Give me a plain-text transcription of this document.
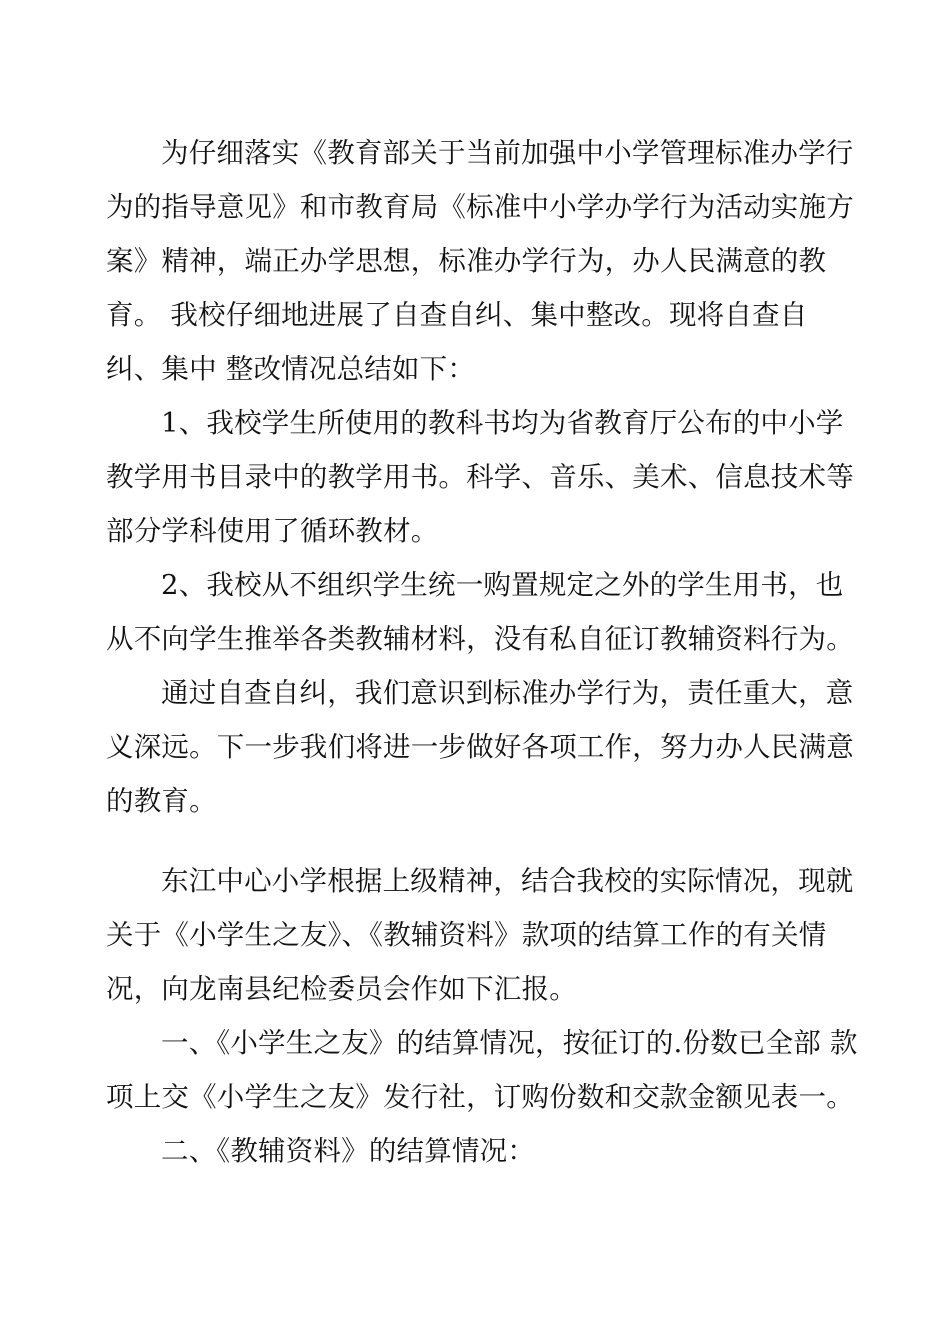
为仔细落实《教育部关于当前加强中小学管理标准办学行 为的指导意见》和市教育局《标准中小学办学行为活动实施方 案》精神，端正办学思想，标准办学行为，办人民满意的教育。 我校仔细地进展了自查自纠、集中整改。现将自查自纠、集中 整改情况总结如下：

1、我校学生所使用的教科书均为省教育厅公布的中小学 教学用书目录中的教学用书。科学、音乐、美术、信息技术等 部分学科使用了循环教材。

2、我校从不组织学生统一购置规定之外的学生用书，也 从不向学生推举各类教辅材料，没有私自征订教辅资料行为。

通过自查自纠，我们意识到标准办学行为，责任重大，意 义深远。下一步我们将进一步做好各项工作，努力办人民满意 的教育。

东江中心小学根据上级精神，结合我校的实际情况，现就 关于《小学生之友》、《教辅资料》款项的结算工作的有关情 况，向龙南县纪检委员会作如下汇报。

一、《小学生之友》的结算情况，按征订的.份数已全部 款项上交《小学生之友》发行社，订购份数和交款金额见表一。

二、《教辅资料》的结算情况：
